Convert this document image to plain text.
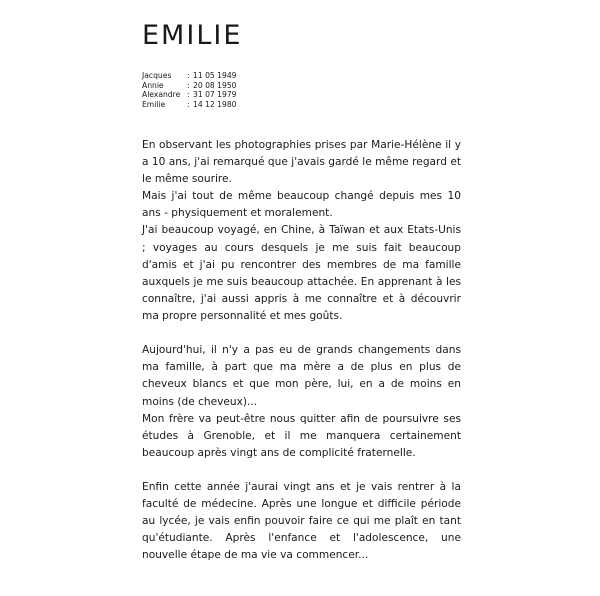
EMILIE
Jacques	: 11 05 1949
Annie	: 20 08 1950
Alexandre : 31 07 1979
Emilie	: 14 12 1980
En observant les photographies prises par Marie-Hélène il y a 10 ans, j'ai remarqué que j'avais gardé le même regard et le même sourire.
Mais j'ai tout de même beaucoup changé depuis mes 10 ans - physiquement et moralement.
J'ai beaucoup voyagé, en Chine, à Taïwan et aux Etats-Unis ; voyages au cours desquels je me suis fait beaucoup d'amis et j'ai pu rencontrer des membres de ma famille auxquels je me suis beaucoup attachée. En apprenant à les connaître, j'ai aussi appris à me connaître et à découvrir ma propre personnalité et mes goûts.
Aujourd'hui, il n'y a pas eu de grands changements dans ma famille, à part que ma mère a de plus en plus de cheveux blancs et que mon père, lui, en a de moins en moins (de cheveux)...
Mon frère va peut-être nous quitter afin de poursuivre ses études à Grenoble, et il me manquera certainement beaucoup après vingt ans de complicité fraternelle.
Enfin cette année j'aurai vingt ans et je vais rentrer à la faculté de médecine. Après une longue et difficile période au lycée, je vais enfin pouvoir faire ce qui me plaît en tant qu'étudiante. Après l'enfance et l'adolescence, une nouvelle étape de ma vie va commencer...
